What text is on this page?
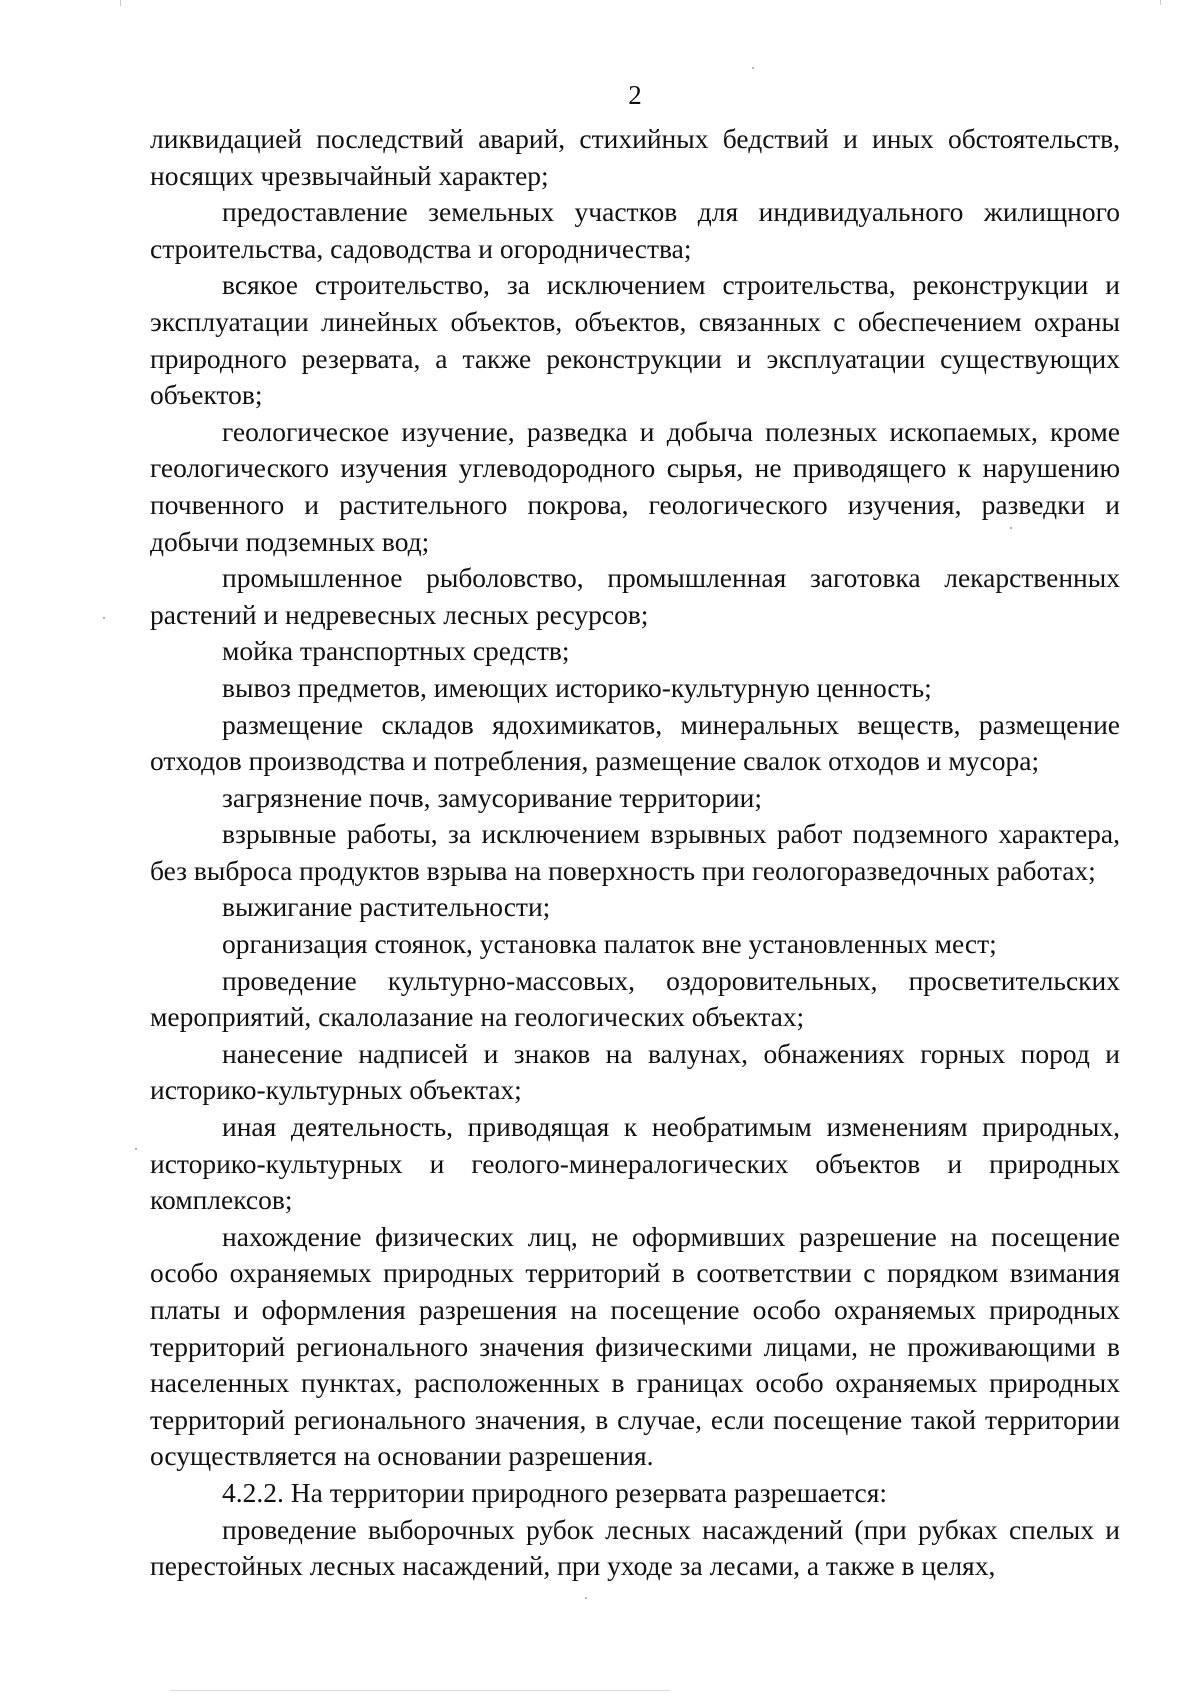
2

ликвидацией последствий аварий, стихийных бедствий и иных обстоятельств, носящих чрезвычайный характер;

предоставление земельных участков для индивидуального жилищного строительства, садоводства и огородничества;

всякое строительство, за исключением строительства, реконструкции и эксплуатации линейных объектов, объектов, связанных с обеспечением охраны природного резервата, а также реконструкции и эксплуатации существующих объектов;

геологическое изучение, разведка и добыча полезных ископаемых, кроме геологического изучения углеводородного сырья, не приводящего к нарушению почвенного и растительного покрова, геологического изучения, разведки и добычи подземных вод;

промышленное рыболовство, промышленная заготовка лекарственных растений и недревесных лесных ресурсов;

мойка транспортных средств;

вывоз предметов, имеющих историко-культурную ценность;

размещение складов ядохимикатов, минеральных веществ, размещение отходов производства и потребления, размещение свалок отходов и мусора;

загрязнение почв, замусоривание территории;

взрывные работы, за исключением взрывных работ подземного характера, без выброса продуктов взрыва на поверхность при геологоразведочных работах;

выжигание растительности;

организация стоянок, установка палаток вне установленных мест;

проведение культурно-массовых, оздоровительных, просветительских мероприятий, скалолазание на геологических объектах;

нанесение надписей и знаков на валунах, обнажениях горных пород и историко-культурных объектах;

иная деятельность, приводящая к необратимым изменениям природных, историко-культурных и геолого-минералогических объектов и природных комплексов;

нахождение физических лиц, не оформивших разрешение на посещение особо охраняемых природных территорий в соответствии с порядком взимания платы и оформления разрешения на посещение особо охраняемых природных территорий регионального значения физическими лицами, не проживающими в населенных пунктах, расположенных в границах особо охраняемых природных территорий регионального значения, в случае, если посещение такой территории осуществляется на основании разрешения.

4.2.2. На территории природного резервата разрешается:

проведение выборочных рубок лесных насаждений (при рубках спелых и перестойных лесных насаждений, при уходе за лесами, а также в целях,
